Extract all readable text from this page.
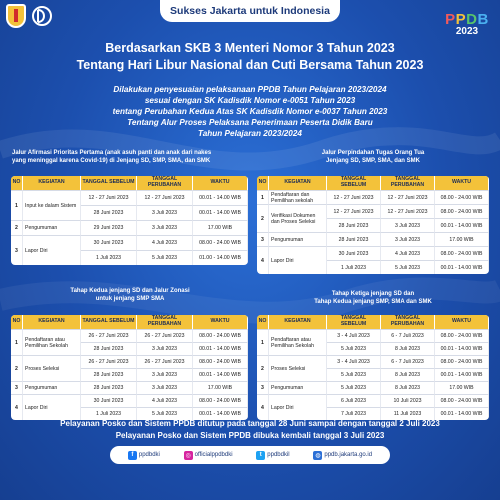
Sukses Jakarta untuk Indonesia	PPDB
2023
Berdasarkan SKB 3 Menteri Nomor 3 Tahun 2023
Tentang Hari Libur Nasional dan Cuti Bersama Tahun 2023
Dilakukan penyesuaian pelaksanaan PPDB Tahun Pelajaran 2023/2024
sesuai dengan SK Kadisdik Nomor e-0051 Tahun 2023
tentang Perubahan Kedua Atas SK Kadisdik Nomor e-0037 Tahun 2023
Tentang Alur Proses Pelaksana Penerimaan Peserta Didik Baru
Tahun Pelajaran 2023/2024
Jalur Afirmasi Prioritas Pertama (anak asuh panti dan anak dari nakes
yang meninggal karena Covid-19) di Jenjang SD, SMP, SMA, dan SMK
NO	KEGIATAN	TANGGAL SEBELUM	TANGGAL PERUBAHAN	WAKTU
1	Input ke dalam Sistem	12 - 27 Juni 2023	12 - 27 Juni 2023	00.01 - 14.00 WIB
		28 Juni 2023	3 Juli 2023	00.01 - 14.00 WIB
2	Pengumuman	29 Juni 2023	3 Juli 2023	17.00 WIB
3	Lapor Diri	30 Juni 2023	4 Juli 2023	08.00 - 24.00 WIB
		1 Juli 2023	5 Juli 2023	01.00 - 14.00 WIB
Jalur Perpindahan Tugas Orang Tua
Jenjang SD, SMP, SMA, dan SMK
NO	KEGIATAN	TANGGAL SEBELUM	TANGGAL PERUBAHAN	WAKTU
1	Pendaftaran dan Pemilihan sekolah	12 - 27 Juni 2023	12 - 27 Juni 2023	08.00 - 24.00 WIB
2	Verifikasi Dokumen dan Proses Seleksi	12 - 27 Juni 2023	12 - 27 Juni 2023	08.00 - 24.00 WIB
		28 Juni 2023	3 Juli 2023	00.01 - 14.00 WIB
3	Pengumuman	28 Juni 2023	3 Juli 2023	17.00 WIB
4	Lapor Diri	30 Juni 2023	4 Juli 2023	08.00 - 24.00 WIB
		1 Juli 2023	5 Juli 2023	00.01 - 14.00 WIB
Tahap Kedua jenjang SD dan Jalur Zonasi
untuk jenjang SMP SMA
NO	KEGIATAN	TANGGAL SEBELUM	TANGGAL PERUBAHAN	WAKTU
1	Pendaftaran atau Pemilihan Sekolah	26 - 27 Juni 2023	26 - 27 Juni 2023	08.00 - 24.00 WIB
		28 Juni 2023	3 Juli 2023	00.01 - 14.00 WIB
2	Proses Seleksi	26 - 27 Juni 2023	26 - 27 Juni 2023	08.00 - 24.00 WIB
		28 Juni 2023	3 Juli 2023	00.01 - 14.00 WIB
3	Pengumuman	28 Juni 2023	3 Juli 2023	17.00 WIB
4	Lapor Diri	30 Juni 2023	4 Juli 2023	08.00 - 24.00 WIB
		1 Juli 2023	5 Juli 2023	00.01 - 14.00 WIB
Tahap Ketiga jenjang SD dan
Tahap Kedua jenjang SMP, SMA dan SMK
NO	KEGIATAN	TANGGAL SEBELUM	TANGGAL PERUBAHAN	WAKTU
1	Pendaftaran atau Pemilihan Sekolah	3 - 4 Juli 2023	6 - 7 Juli 2023	08.00 - 24.00 WIB
		5 Juli 2023	8 Juli 2023	00.01 - 14.00 WIB
2	Proses Seleksi	3 - 4 Juli 2023	6 - 7 Juli 2023	08.00 - 24.00 WIB
		5 Juli 2023	8 Juli 2023	00.01 - 14.00 WIB
3	Pengumuman	5 Juli 2023	8 Juli 2023	17.00 WIB
4	Lapor Diri	6 Juli 2023	10 Juli 2023	08.00 - 24.00 WIB
		7 Juli 2023	11 Juli 2023	00.01 - 14.00 WIB
Pelayanan Posko dan Sistem PPDB ditutup pada tanggal 28 Juni sampai dengan tanggal 2 Juli 2023
Pelayanan Posko dan Sistem PPDB dibuka kembali tanggal 3 Juli 2023
f ppdbdki	◎ officialppdbdki	t ppdbdkil	◍ ppdb.jakarta.go.id
